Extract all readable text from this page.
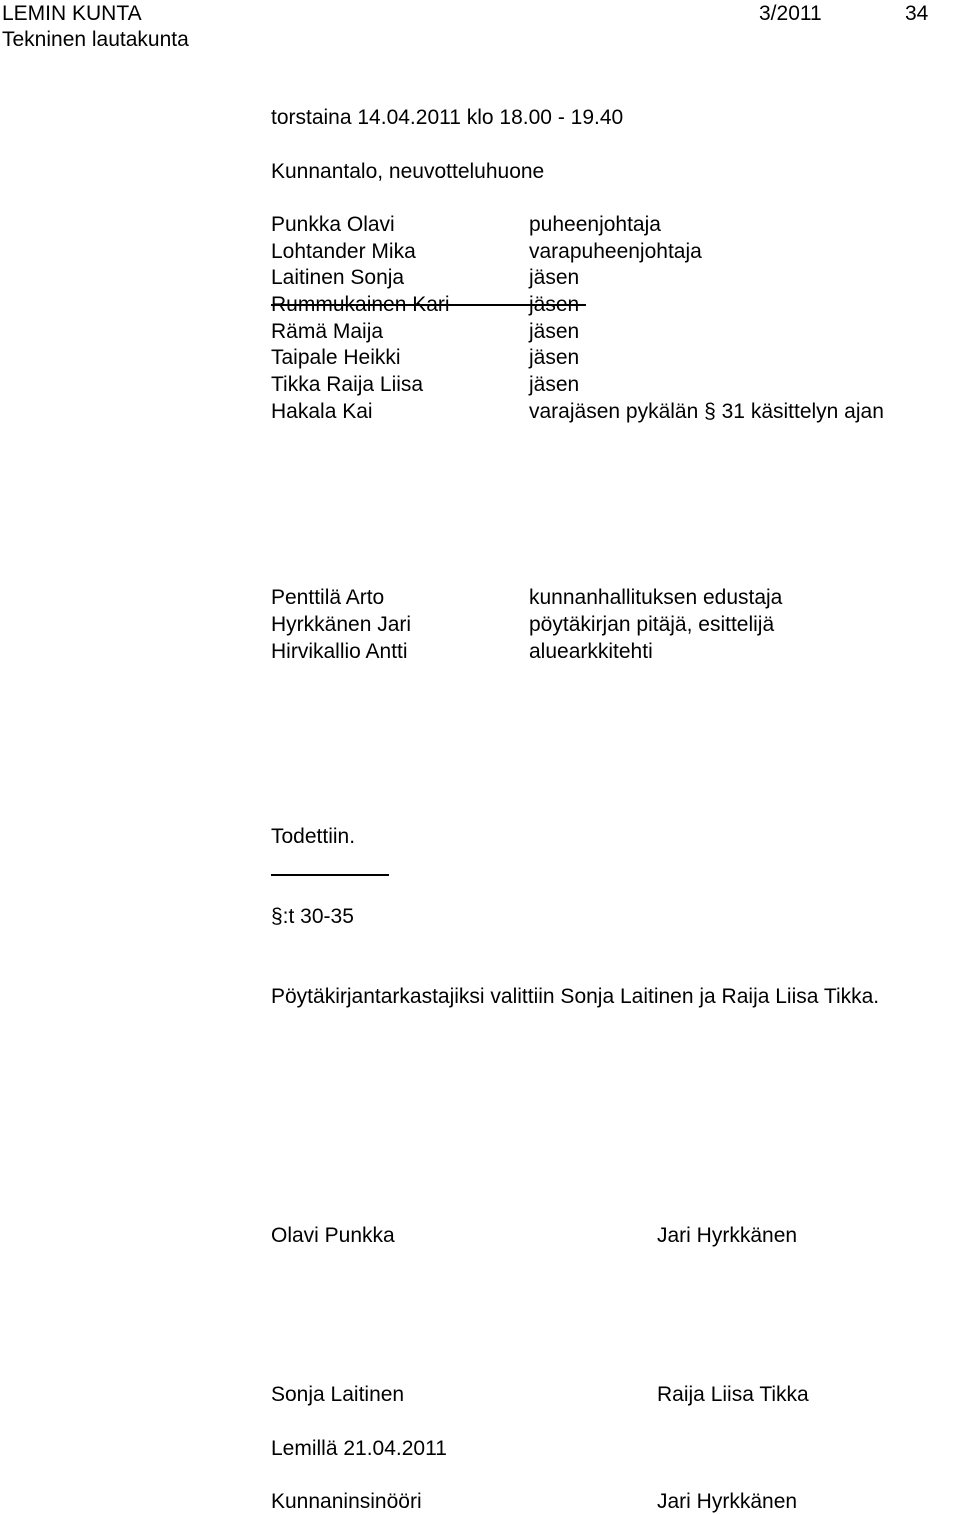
LEMIN KUNTA
Tekninen lautakunta
3/2011	34
torstaina 14.04.2011 klo 18.00 - 19.40
Kunnantalo, neuvotteluhuone
Punkka Olavi	puheenjohtaja
Lohtander Mika	varapuheenjohtaja
Laitinen Sonja	jäsen
Rummukainen Kari	jäsen
Rämä Maija	jäsen
Taipale Heikki	jäsen
Tikka Raija Liisa	jäsen
Hakala Kai	varajäsen pykälän § 31 käsittelyn ajan
Penttilä Arto	kunnanhallituksen edustaja
Hyrkkänen Jari	pöytäkirjan pitäjä, esittelijä
Hirvikallio Antti	aluearkkitehti
Todettiin.
§:t 30-35
Pöytäkirjantarkastajiksi valittiin Sonja Laitinen ja Raija Liisa Tikka.
Olavi Punkka	Jari Hyrkkänen
Sonja Laitinen	Raija Liisa Tikka
Lemillä 21.04.2011
Kunnaninsinööri	Jari Hyrkkänen
